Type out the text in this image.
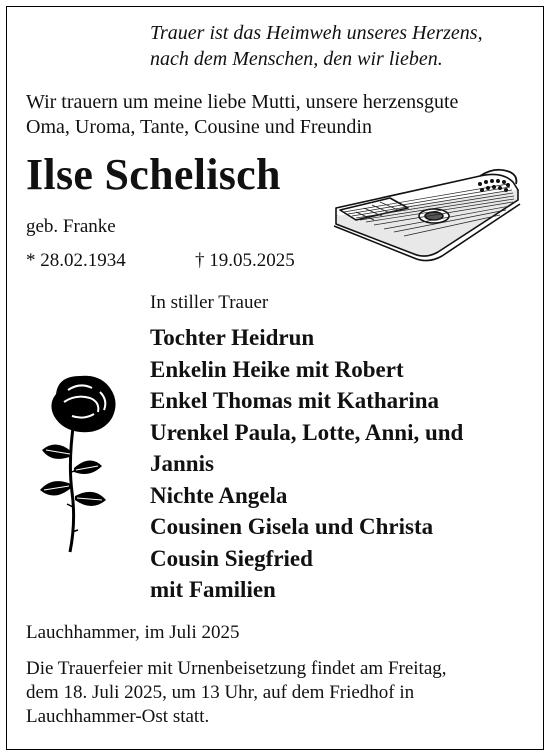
Trauer ist das Heimweh unseres Herzens,
nach dem Menschen, den wir lieben.
Wir trauern um meine liebe Mutti, unsere herzensgute
Oma, Uroma, Tante, Cousine und Freundin
Ilse Schelisch
geb. Franke
* 28.02.1934	† 19.05.2025
In stiller Trauer
Tochter Heidrun
Enkelin Heike mit Robert
Enkel Thomas mit Katharina
Urenkel Paula, Lotte, Anni, und
Jannis
Nichte Angela
Cousinen Gisela und Christa
Cousin Siegfried
mit Familien
Lauchhammer, im Juli 2025
Die Trauerfeier mit Urnenbeisetzung findet am Freitag,
dem 18. Juli 2025, um 13 Uhr, auf dem Friedhof in
Lauchhammer-Ost statt.
